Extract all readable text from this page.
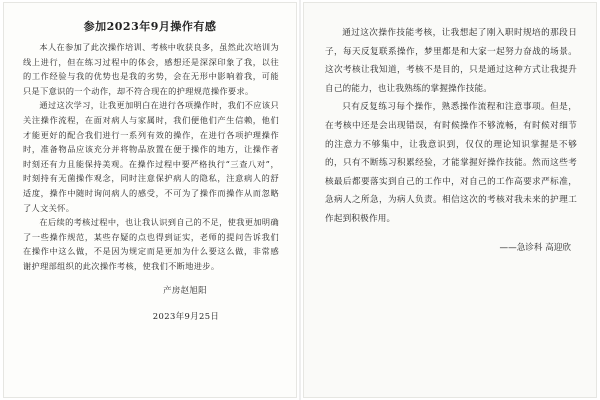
参加2023年9月操作有感

本人在参加了此次操作培训、考核中收获良多，虽然此次培训为线上进行，但在练习过程中的体会，感想还是深深印象了我，以往的工作经验与我的优势也是我的劣势，会在无形中影响着我，可能只是下意识的一个动作，却不符合现在的护理规范操作要求。

通过这次学习，让我更加明白在进行各项操作时，我们不应该只关注操作流程，在面对病人与家属时，我们便他们产生信赖，他们才能更好的配合我们进行一系列有效的操作，在进行各项护理操作时，准备物品应该充分并将物品放置在便于操作的地方，让操作者时刻还有力且能保持美观。在操作过程中要严格执行“三查八对”，时刻持有无菌操作观念，同时注意保护病人的隐私，注意病人的舒适度，操作中随时询问病人的感受，不可为了操作而操作从而忽略了人文关怀。

在后续的考核过程中，也让我认识到自己的不足，使我更加明确了一些操作规范，某些存疑的点也得到证实，老师的提问告诉我们在操作中这么做，不是因为规定而是更加为什么要这么做，非常感谢护理部组织的此次操作考核，使我们不断地进步。

产房赵旭阳
2023年9月25日

通过这次操作技能考核，让我想起了刚入职时规培的那段日子，每天反复联系操作，梦里都是和大家一起努力奋战的场景。这次考核让我知道，考核不是目的，只是通过这种方式让我提升自己的能力，也让我熟练的掌握操作技能。

只有反复练习每个操作，熟悉操作流程和注意事项。但是，在考核中还是会出现错误，有时候操作不够流畅，有时候对细节的注意力不够集中，让我意识到，仅仅的理论知识掌握是不够的，只有不断练习积累经验，才能掌握好操作技能。然而这些考核最后都要落实到自己的工作中，对自己的工作高要求严标准，急病人之所急，为病人负责。相信这次的考核对我未来的护理工作起到积极作用。

——急诊科 高迎欣
